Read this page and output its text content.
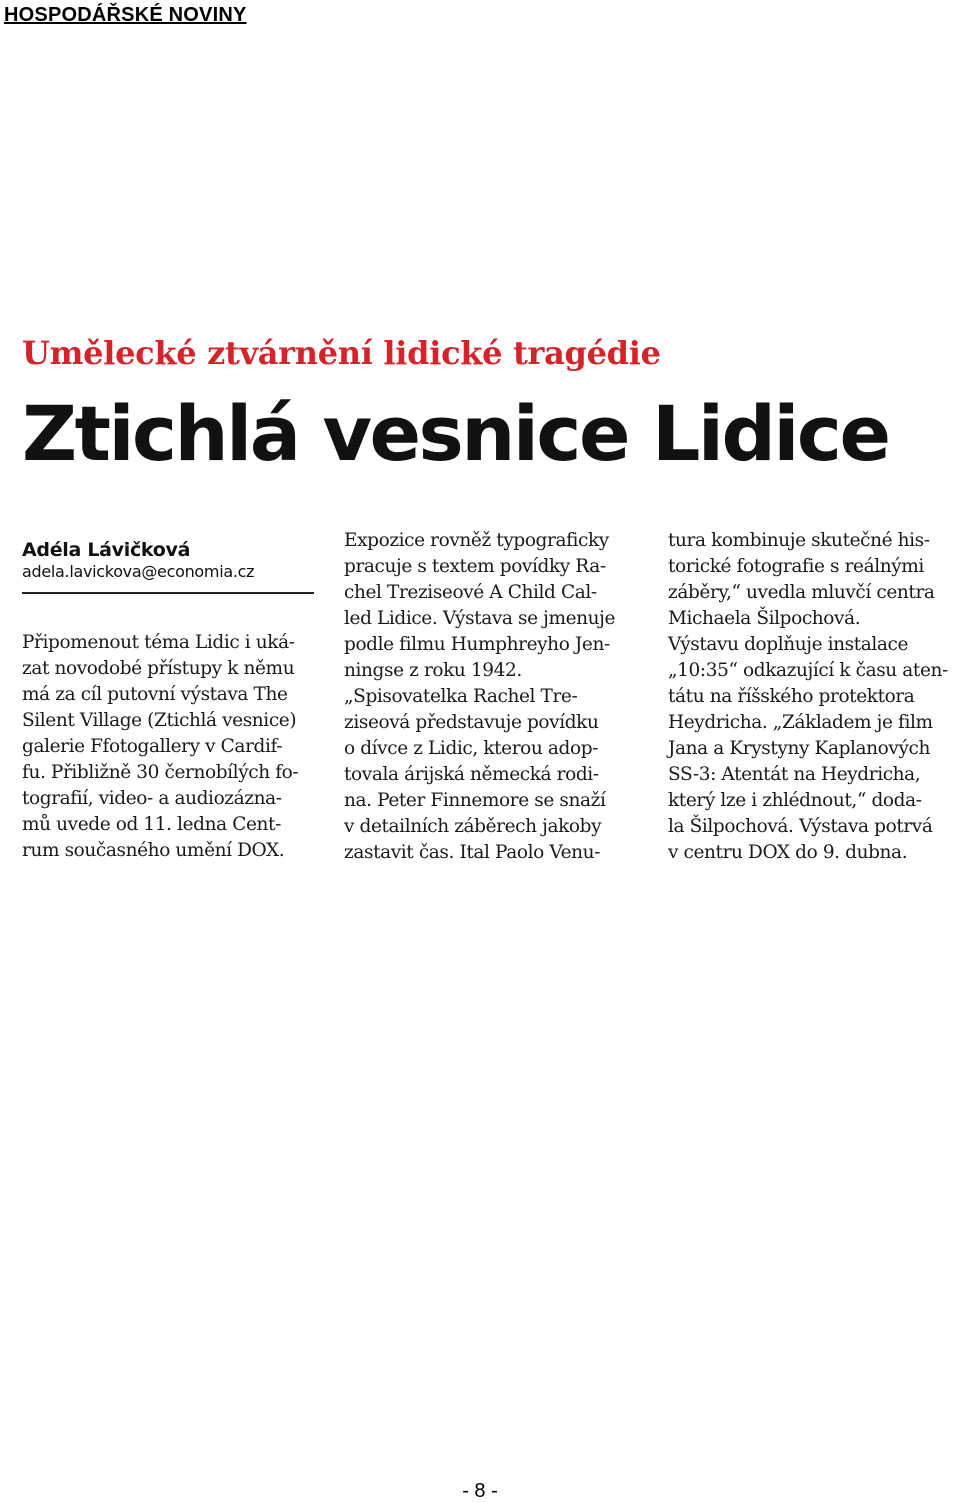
HOSPODÁŘSKÉ NOVINY
Umělecké ztvárnění lidické tragédie
Ztichlá vesnice Lidice
Adéla Lávičková
adela.lavickova@economia.cz
Připomenout téma Lidic i uká-
zat novodobé přístupy k němu
má za cíl putovní výstava The
Silent Village (Ztichlá vesnice)
galerie Ffotogallery v Cardif-
fu. Přibližně 30 černobílých fo-
tografií, video- a audiozázna-
mů uvede od 11. ledna Cent-
rum současného umění DOX.
Expozice rovněž typograficky
pracuje s textem povídky Ra-
chel Treziseové A Child Cal-
led Lidice. Výstava se jmenuje
podle filmu Humphreyho Jen-
ningse z roku 1942.
„Spisovatelka Rachel Tre-
ziseová představuje povídku
o dívce z Lidic, kterou adop-
tovala árijská německá rodi-
na. Peter Finnemore se snaží
v detailních záběrech jakoby
zastavit čas. Ital Paolo Venu-
tura kombinuje skutečné his-
torické fotografie s reálnými
záběry,“ uvedla mluvčí centra
Michaela Šilpochová.
Výstavu doplňuje instalace
„10:35“ odkazující k času aten-
tátu na říšského protektora
Heydricha. „Základem je film
Jana a Krystyny Kaplanových
SS-3: Atentát na Heydricha,
který lze i zhlédnout,“ doda-
la Šilpochová. Výstava potrvá
v centru DOX do 9. dubna.
- 8 -
